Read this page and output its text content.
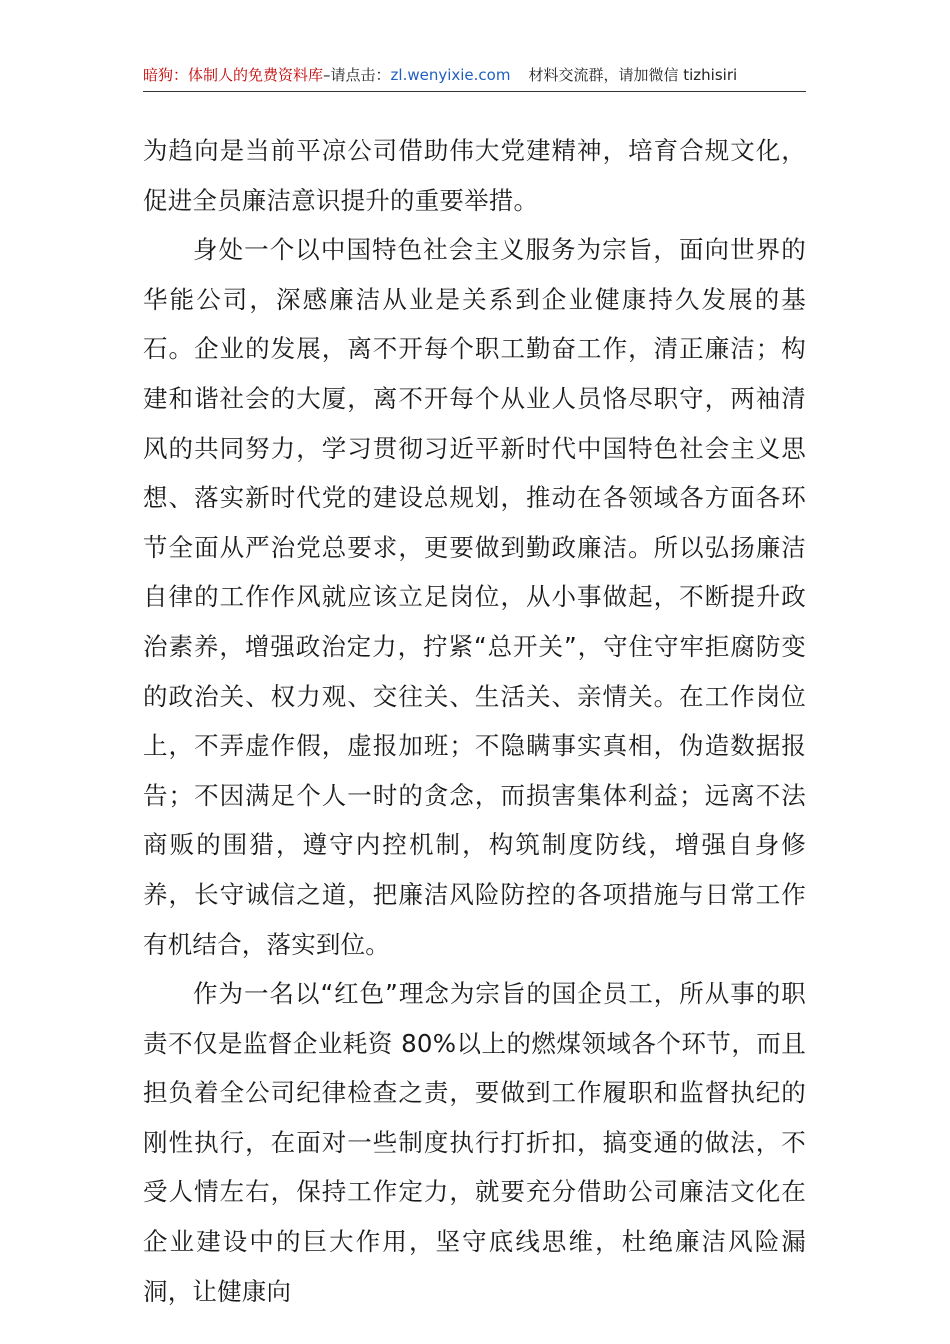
暗狗：体制人的免费资料库–请点击：zl.wenyixie.com 材料交流群，请加微信 tizhisiri

为趋向是当前平凉公司借助伟大党建精神，培育合规文化，促进全员廉洁意识提升的重要举措。

身处一个以中国特色社会主义服务为宗旨，面向世界的华能公司，深感廉洁从业是关系到企业健康持久发展的基石。企业的发展，离不开每个职工勤奋工作，清正廉洁；构建和谐社会的大厦，离不开每个从业人员恪尽职守，两袖清风的共同努力，学习贯彻习近平新时代中国特色社会主义思想、落实新时代党的建设总规划，推动在各领域各方面各环节全面从严治党总要求，更要做到勤政廉洁。所以弘扬廉洁自律的工作作风就应该立足岗位，从小事做起，不断提升政治素养，增强政治定力，拧紧“总开关”，守住守牢拒腐防变的政治关、权力观、交往关、生活关、亲情关。在工作岗位上，不弄虚作假，虚报加班；不隐瞒事实真相，伪造数据报告；不因满足个人一时的贪念，而损害集体利益；远离不法商贩的围猎，遵守内控机制，构筑制度防线，增强自身修养，长守诚信之道，把廉洁风险防控的各项措施与日常工作有机结合，落实到位。

作为一名以“红色”理念为宗旨的国企员工，所从事的职责不仅是监督企业耗资 80%以上的燃煤领域各个环节，而且担负着全公司纪律检查之责，要做到工作履职和监督执纪的刚性执行，在面对一些制度执行打折扣，搞变通的做法，不受人情左右，保持工作定力，就要充分借助公司廉洁文化在企业建设中的巨大作用，坚守底线思维，杜绝廉洁风险漏洞，让健康向
